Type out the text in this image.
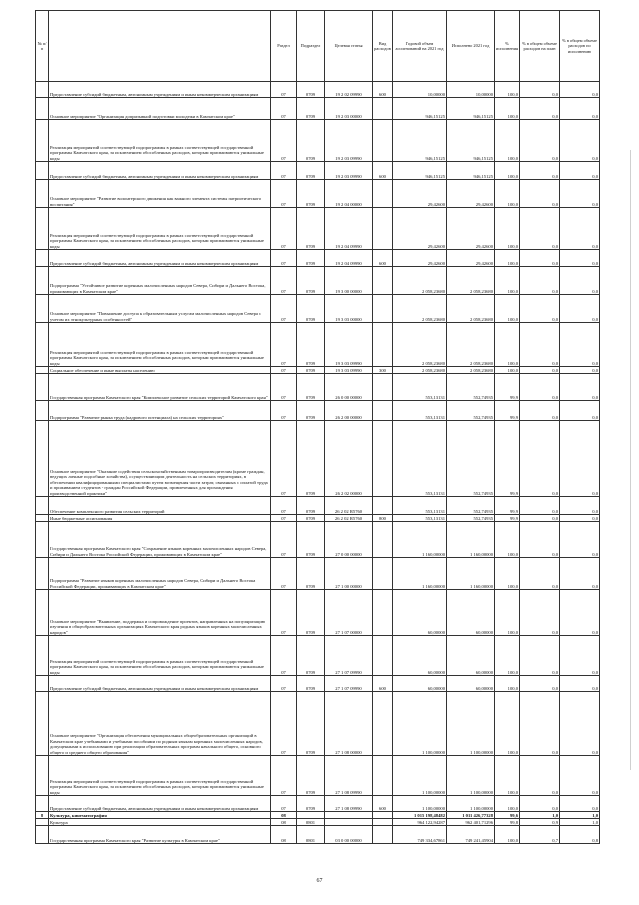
№ п/п		Раздел	Подраздел	Целевая статья	Вид расходов	Годовой объем ассигнований на 2021 год	Исполнено 2021 год	% исполнения	% в общем объеме расходов на план	% в общем объеме расходов по исполнению
	Предоставление субсидий бюджетным, автономным учреждениям и иным некоммерческим организациям	07	0709	19 2 02 09990	600	10,00000	10,00000	100,0	0,0	0,0
	Основное мероприятие "Организация допризывной подготовки молодежи в Камчатском крае"	07	0709	19 2 03 00000		946,15125	946,15125	100,0	0,0	0,0
	Реализация мероприятий соответствующей подпрограммы в рамках соответствующей государственной программы Камчатского края, за исключением обособленных расходов, которым присваиваются уникальные коды	07	0709	19 2 03 09990		946,15125	946,15125	100,0	0,0	0,0
	Предоставление субсидий бюджетным, автономным учреждениям и иным некоммерческим организациям	07	0709	19 2 03 09990	600	946,15125	946,15125	100,0	0,0	0,0
	Основное мероприятие "Развитие волонтерского движения как важного элемента системы патриотического воспитания"	07	0709	19 2 04 00000		29,42600	29,42600	100,0	0,0	0,0
	Реализация мероприятий соответствующей подпрограммы в рамках соответствующей государственной программы Камчатского края, за исключением обособленных расходов, которым присваиваются уникальные коды	07	0709	19 2 04 09990		29,42600	29,42600	100,0	0,0	0,0
	Предоставление субсидий бюджетным, автономным учреждениям и иным некоммерческим организациям	07	0709	19 2 04 09990	600	29,42600	29,42600	100,0	0,0	0,0
	Подпрограмма "Устойчивое развитие коренных малочисленных народов Севера, Сибири и Дальнего Востока, проживающих в Камчатском крае"	07	0709	19 3 00 00000		2 058,23680	2 058,23680	100,0	0,0	0,0
	Основное мероприятие "Повышение доступа к образовательным услугам малочисленных народов Севера с учетом их этнокультурных особенностей"	07	0709	19 3 03 00000		2 058,23680	2 058,23680	100,0	0,0	0,0
	Реализация мероприятий соответствующей подпрограммы в рамках соответствующей государственной программы Камчатского края, за исключением обособленных расходов, которым присваиваются уникальные коды	07	0709	19 3 03 09990		2 058,23680	2 058,23680	100,0	0,0	0,0
	Социальное обеспечение и иные выплаты населению	07	0709	19 3 03 09990	300	2 058,23680	2 058,23680	100,0	0,0	0,0
	Государственная программа Камчатского края "Комплексное развитие сельских территорий Камчатского края"	07	0709	26 0 00 00000		553,13131	552,74935	99,9	0,0	0,0
	Подпрограмма "Развитие рынка труда (кадрового потенциала) на сельских территориях"	07	0709	26 2 00 00000		553,13131	552,74935	99,9	0,0	0,0
	Основное мероприятие "Оказание содействия сельскохозяйственным товаропроизводителям (кроме граждан, ведущих личные подсобные хозяйства), осуществляющим деятельность на сельских территориях, в обеспечении квалифицированными специалистами путем возмещения части затрат, связанных с оплатой труда и проживанием студентов - граждан Российской Федерации, привлеченных для прохождения производственной практики"	07	0709	26 2 02 00000		553,13131	552,74935	99,9	0,0	0,0
	Обеспечение комплексного развития сельских территорий	07	0709	26 2 02 R5760		553,13131	552,74935	99,9	0,0	0,0
	Иные бюджетные ассигнования	07	0709	26 2 02 R5760	800	553,13131	552,74935	99,9	0,0	0,0
	Государственная программа Камчатского края "Сохранение языков коренных малочисленных народов Севера, Сибири и Дальнего Востока Российской Федерации, проживающих в Камчатском крае"	07	0709	27 0 00 00000		1 160,00000	1 160,00000	100,0	0,0	0,0
	Подпрограмма "Развитие языков коренных малочисленных народов Севера, Сибири и Дальнего Востока Российской Федерации, проживающих в Камчатском крае"	07	0709	27 1 00 00000		1 160,00000	1 160,00000	100,0	0,0	0,0
	Основное мероприятие "Выявление, поддержка и сопровождение проектов, направленных на популяризацию изучения в общеобразовательных организациях Камчатского края родных языков коренных малочисленных народов"	07	0709	27 1 07 00000		60,00000	60,00000	100,0	0,0	0,0
	Реализация мероприятий соответствующей подпрограммы в рамках соответствующей государственной программы Камчатского края, за исключением обособленных расходов, которым присваиваются уникальные коды	07	0709	27 1 07 09990		60,00000	60,00000	100,0	0,0	0,0
	Предоставление субсидий бюджетным, автономным учреждениям и иным некоммерческим организациям	07	0709	27 1 07 09990	600	60,00000	60,00000	100,0	0,0	0,0
	Основное мероприятие "Организация обеспечения муниципальных общеобразовательных организаций в Камчатском крае учебниками и учебными пособиями по родным языкам коренных малочисленных народов, допущенными к использованию при реализации образовательных программ начального общего, основного общего и среднего общего образования"	07	0709	27 1 08 00000		1 100,00000	1 100,00000	100,0	0,0	0,0
	Реализация мероприятий соответствующей подпрограммы в рамках соответствующей государственной программы Камчатского края, за исключением обособленных расходов, которым присваиваются уникальные коды	07	0709	27 1 08 09990		1 100,00000	1 100,00000	100,0	0,0	0,0
	Предоставление субсидий бюджетным, автономным учреждениям и иным некоммерческим организациям	07	0709	27 1 08 09990	600	1 100,00000	1 100,00000	100,0	0,0	0,0
8	Культура, кинематография	08				1 015 198,48482	1 011 426,77328	99,6	1,0	1,0
	Культура	08	0801			964 122,94287	962 401,71296	99,8	0,9	1,0
	Государственная программа Камчатского края "Развитие культуры в Камчатском крае"	08	0801	03 0 00 00000		749 334,67861	749 241,45904	100,0	0,7	0,8
67
